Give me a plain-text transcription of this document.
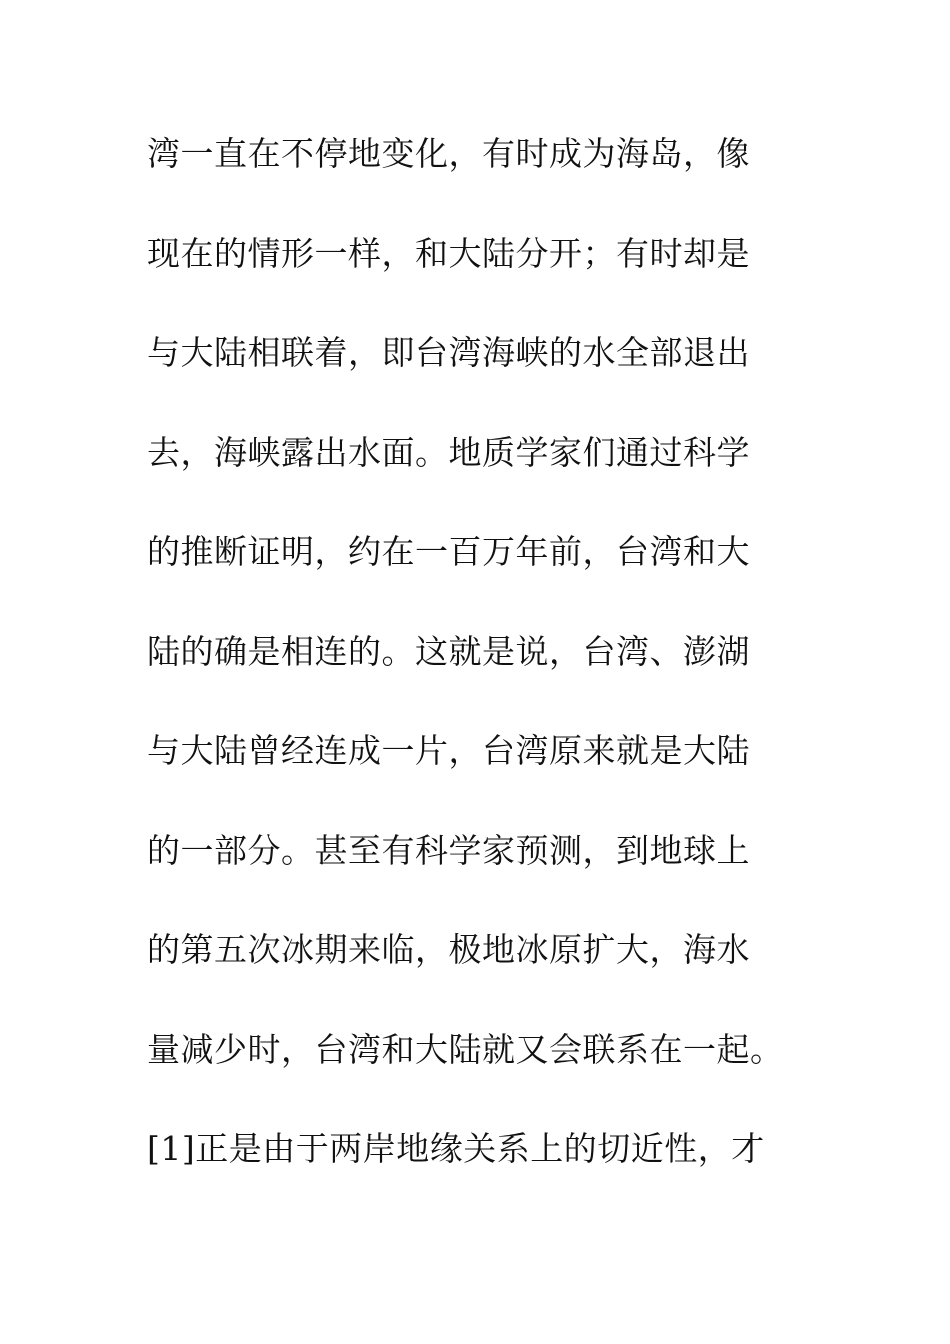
湾一直在不停地变化，有时成为海岛，像
现在的情形一样，和大陆分开；有时却是
与大陆相联着，即台湾海峡的水全部退出
去，海峡露出水面。地质学家们通过科学
的推断证明，约在一百万年前，台湾和大
陆的确是相连的。这就是说，台湾、澎湖
与大陆曾经连成一片，台湾原来就是大陆
的一部分。甚至有科学家预测，到地球上
的第五次冰期来临，极地冰原扩大，海水
量减少时，台湾和大陆就又会联系在一起。
[1]正是由于两岸地缘关系上的切近性，才
